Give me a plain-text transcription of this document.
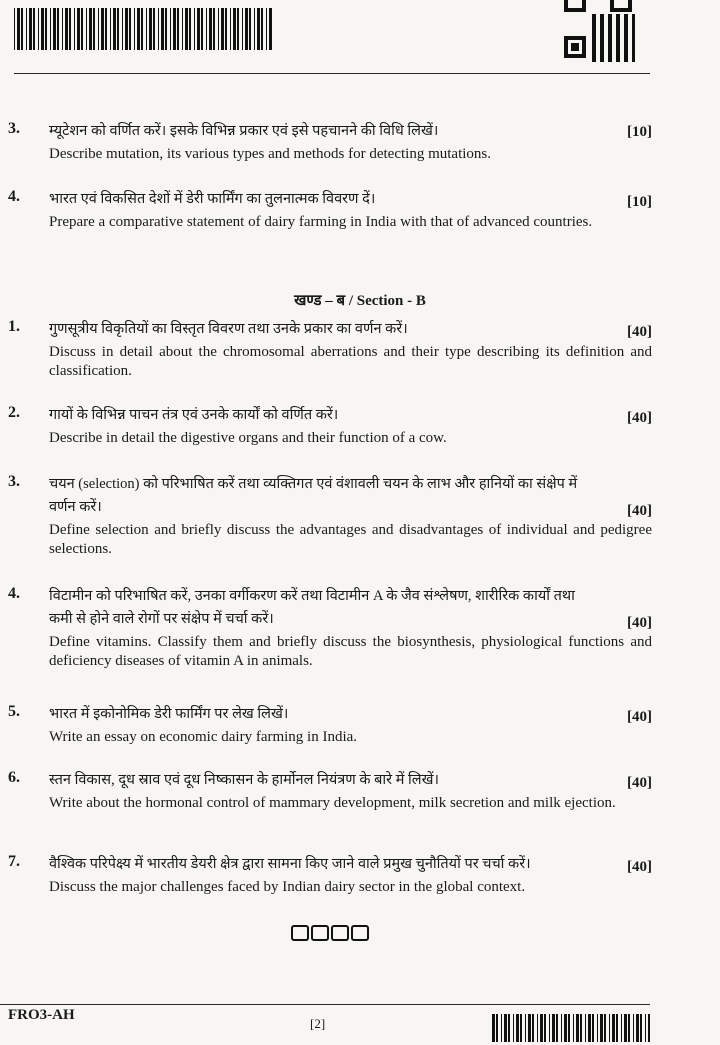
3.	[10]
म्यूटेशन को वर्णित करें। इसके विभिन्न प्रकार एवं इसे पहचानने की विधि लिखें।
Describe mutation, its various types and methods for detecting mutations.
4.	[10]
भारत एवं विकसित देशों में डेरी फार्मिंग का तुलनात्मक विवरण दें।
Prepare a comparative statement of dairy farming in India with that of advanced countries.
खण्ड – ब / Section - B
1.	[40]
गुणसूत्रीय विकृतियों का विस्तृत विवरण तथा उनके प्रकार का वर्णन करें।
Discuss in detail about the chromosomal aberrations and their type describing its definition and classification.
2.	[40]
गायों के विभिन्न पाचन तंत्र एवं उनके कार्यों को वर्णित करें।
Describe in detail the digestive organs and their function of a cow.
3.
[40]
चयन (selection) को परिभाषित करें तथा व्यक्तिगत एवं वंशावली चयन के लाभ और हानियों का संक्षेप में वर्णन करें।
Define selection and briefly discuss the advantages and disadvantages of individual and pedigree selections.
4.
[40]
विटामीन को परिभाषित करें, उनका वर्गीकरण करें तथा विटामीन A के जैव संश्लेषण, शारीरिक कार्यों तथा कमी से होने वाले रोगों पर संक्षेप में चर्चा करें।
Define vitamins. Classify them and briefly discuss the biosynthesis, physiological functions and deficiency diseases of vitamin A in animals.
5.	[40]
भारत में इकोनोमिक डेरी फार्मिंग पर लेख लिखें।
Write an essay on economic dairy farming in India.
6.	[40]
स्तन विकास, दूध स्राव एवं दूध निष्कासन के हार्मोनल नियंत्रण के बारे में लिखें।
Write about the hormonal control of mammary development, milk secretion and milk ejection.
7.	[40]
वैश्विक परिपेक्ष्य में भारतीय डेयरी क्षेत्र द्वारा सामना किए जाने वाले प्रमुख चुनौतियों पर चर्चा करें।
Discuss the major challenges faced by Indian dairy sector in the global context.
FRO3-AH
[2]
